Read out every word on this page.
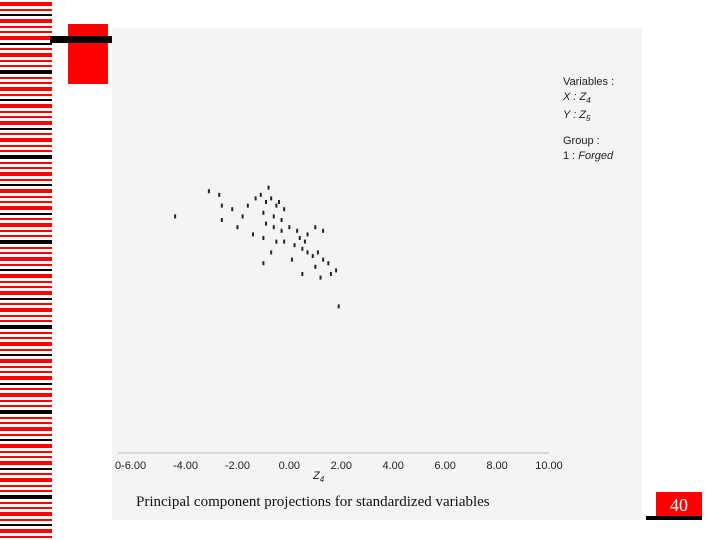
0 -6.00 -4.00 -2.00	0.00	2.00	4.00	6.00	8.00 10.00
$Z_4$
Variables :
X : $Z_4$
Y : $Z_5$
Group :
1 : Forged
Principal component projections for standardized variables	40
